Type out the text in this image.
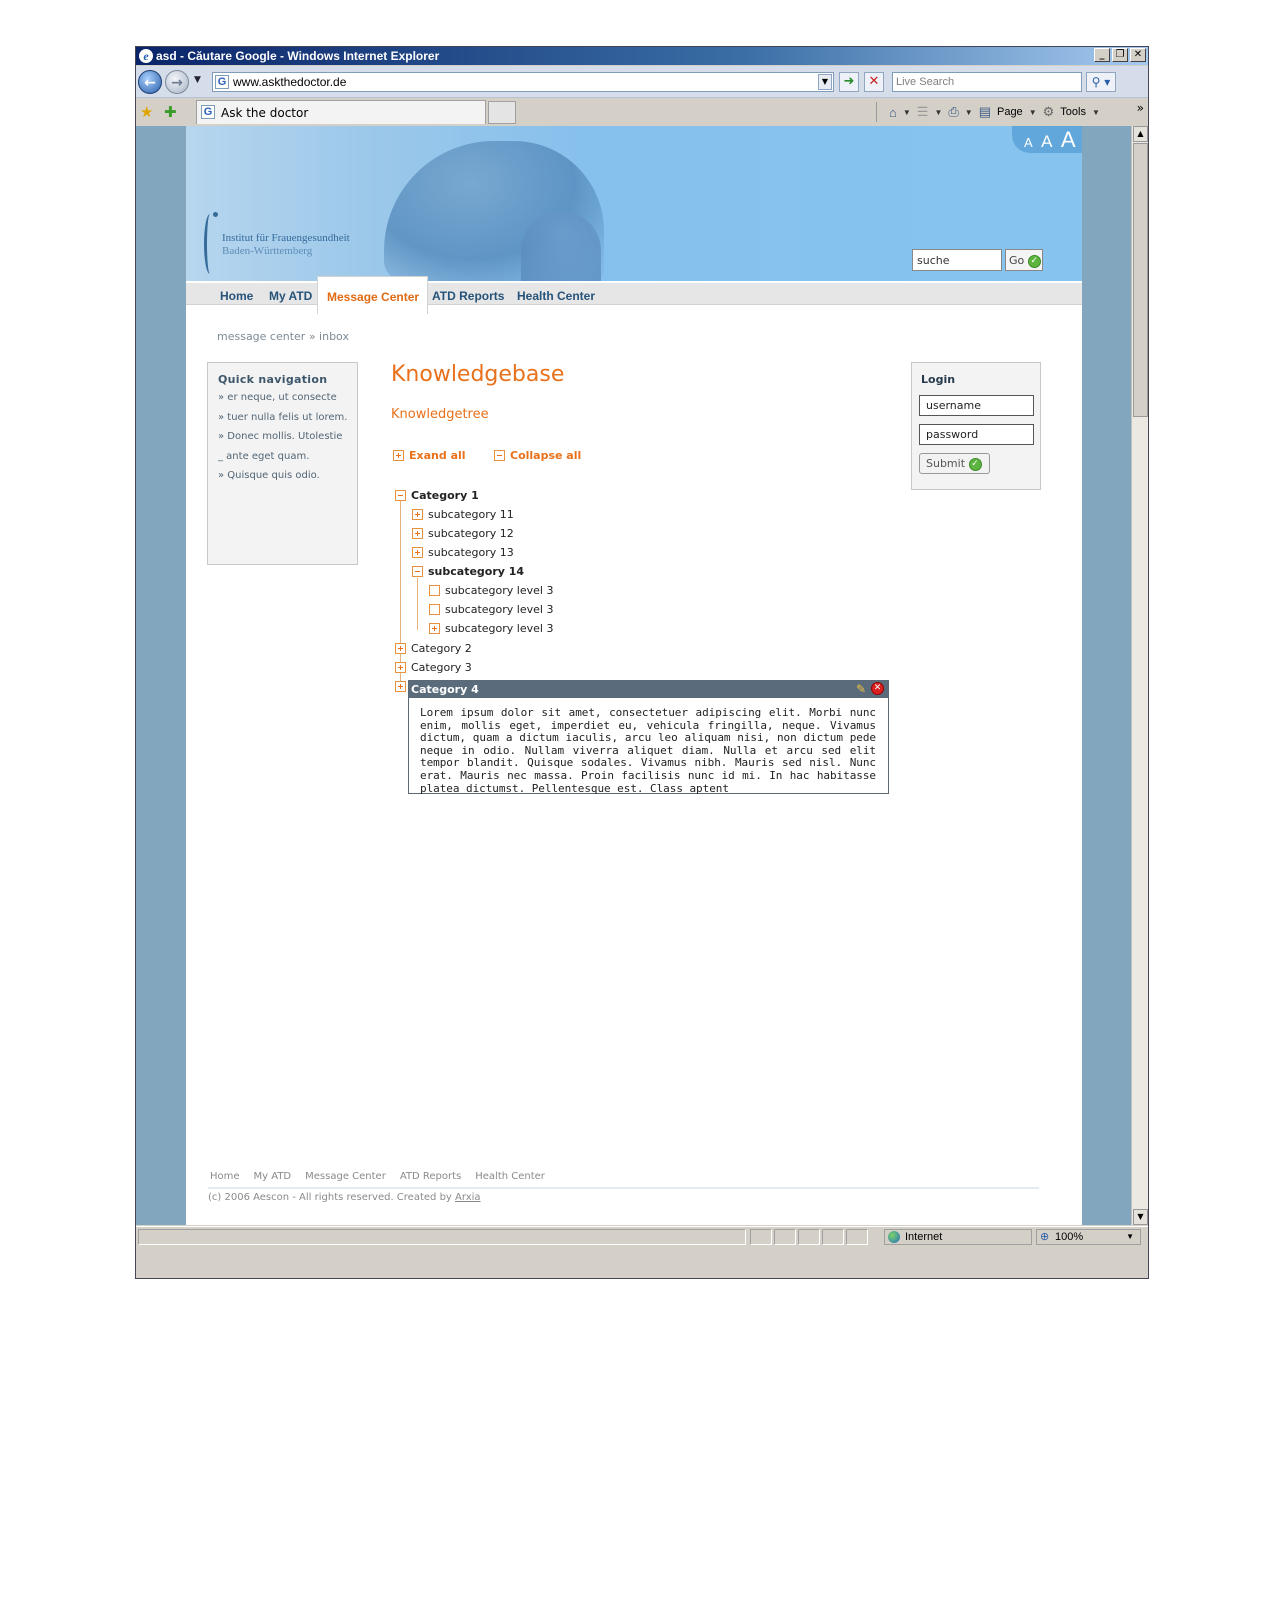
e asd - Căutare Google - Windows Internet Explorer	_	❐ ✕
←	→	▼ G www.askthedoctor.de	▼	➜	✕	Live Search	⚲ ▾
★ ✚ G Ask the doctor	⌂ ▼ ☰ ▼ ⎙ ▼ ▤ Page ▼ ⚙ Tools ▼	»
Institut für Frauengesundheit
Baden-Württemberg
A A A
suche	Go ✓
Home My ATD	Message Center	ATD Reports Health Center
message center » inbox
Quick navigation
» er neque, ut consecte
» tuer nulla felis ut lorem.
» Donec mollis. Utolestie
_ ante eget quam.
» Quisque quis odio.
Knowledgebase
Knowledgetree
Exand all	Collapse all
Category 1
subcategory 11
subcategory 12
subcategory 13
subcategory 14
subcategory level 3
subcategory level 3
subcategory level 3
Category 2
Category 3
Category 4	✎ ✕
Lorem ipsum dolor sit amet, consectetuer adipiscing elit. Morbi nunc enim, mollis eget, imperdiet eu, vehicula fringilla, neque. Vivamus dictum, quam a dictum iaculis, arcu leo aliquam nisi, non dictum pede neque in odio. Nullam viverra aliquet diam. Nulla et arcu sed elit tempor blandit. Quisque sodales. Vivamus nibh. Mauris sed nisl. Nunc erat. Mauris nec massa. Proin facilisis nunc id mi. In hac habitasse platea dictumst. Pellentesque est. Class aptent
Login
username
password
Submit ✓
Home My ATD Message Center ATD Reports Health Center
(c) 2006 Aescon - All rights reserved. Created by Arxia
▲
▼
Internet	⊕ 100%	▼
